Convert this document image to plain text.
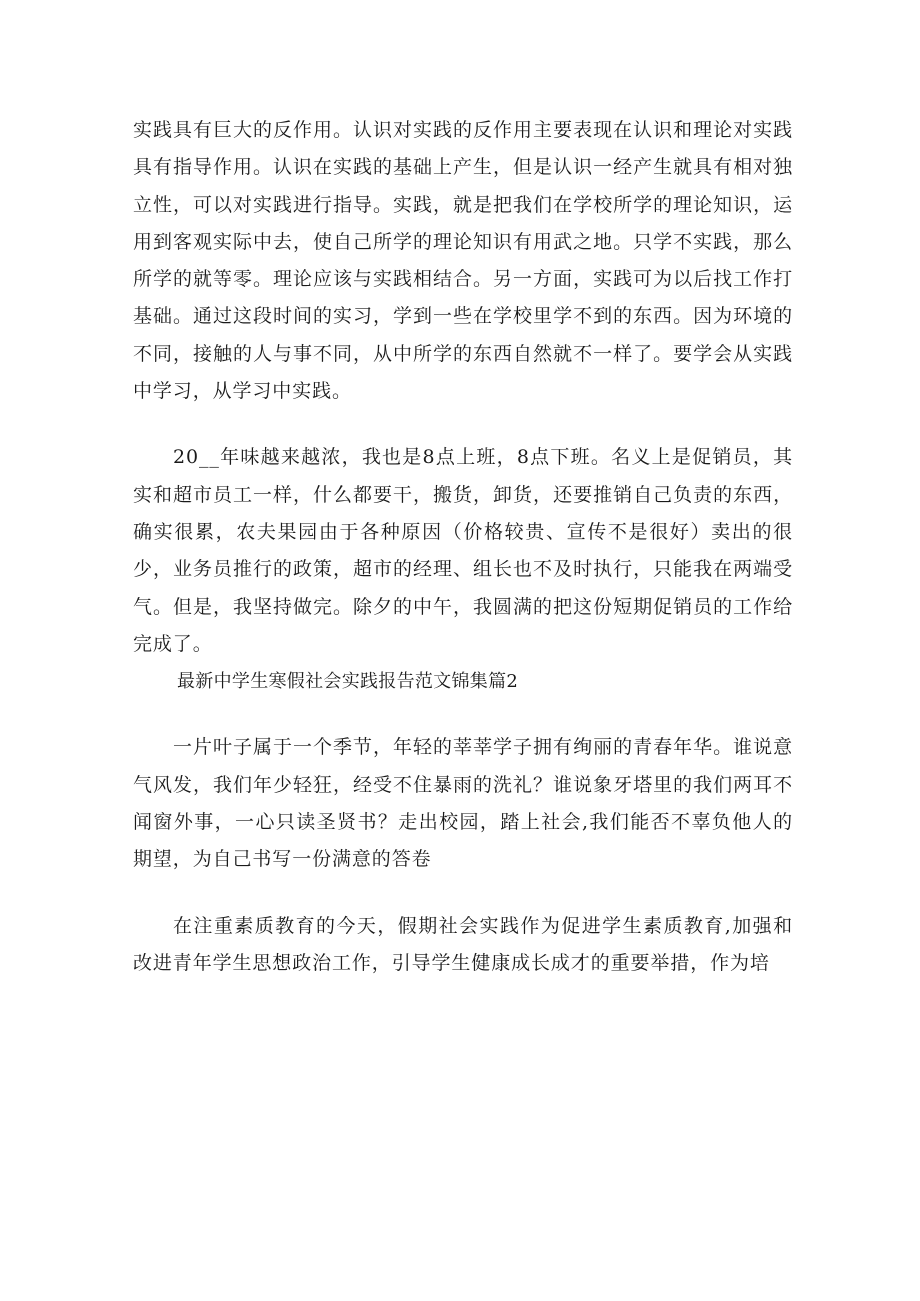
实践具有巨大的反作用。认识对实践的反作用主要表现在认识和理论对实践具有指导作用。认识在实践的基础上产生，但是认识一经产生就具有相对独立性，可以对实践进行指导。实践，就是把我们在学校所学的理论知识，运用到客观实际中去，使自己所学的理论知识有用武之地。只学不实践，那么所学的就等零。理论应该与实践相结合。另一方面，实践可为以后找工作打基础。通过这段时间的实习，学到一些在学校里学不到的东西。因为环境的不同，接触的人与事不同，从中所学的东西自然就不一样了。要学会从实践中学习，从学习中实践。

20__年味越来越浓，我也是8点上班，8点下班。名义上是促销员，其实和超市员工一样，什么都要干，搬货，卸货，还要推销自己负责的东西，确实很累，农夫果园由于各种原因（价格较贵、宣传不是很好）卖出的很少，业务员推行的政策，超市的经理、组长也不及时执行，只能我在两端受气。但是，我坚持做完。除夕的中午，我圆满的把这份短期促销员的工作给完成了。

最新中学生寒假社会实践报告范文锦集篇2

一片叶子属于一个季节，年轻的莘莘学子拥有绚丽的青春年华。谁说意气风发，我们年少轻狂，经受不住暴雨的洗礼？谁说象牙塔里的我们两耳不闻窗外事，一心只读圣贤书？走出校园，踏上社会,我们能否不辜负他人的期望，为自己书写一份满意的答卷

在注重素质教育的今天，假期社会实践作为促进学生素质教育,加强和改进青年学生思想政治工作，引导学生健康成长成才的重要举措，作为培
